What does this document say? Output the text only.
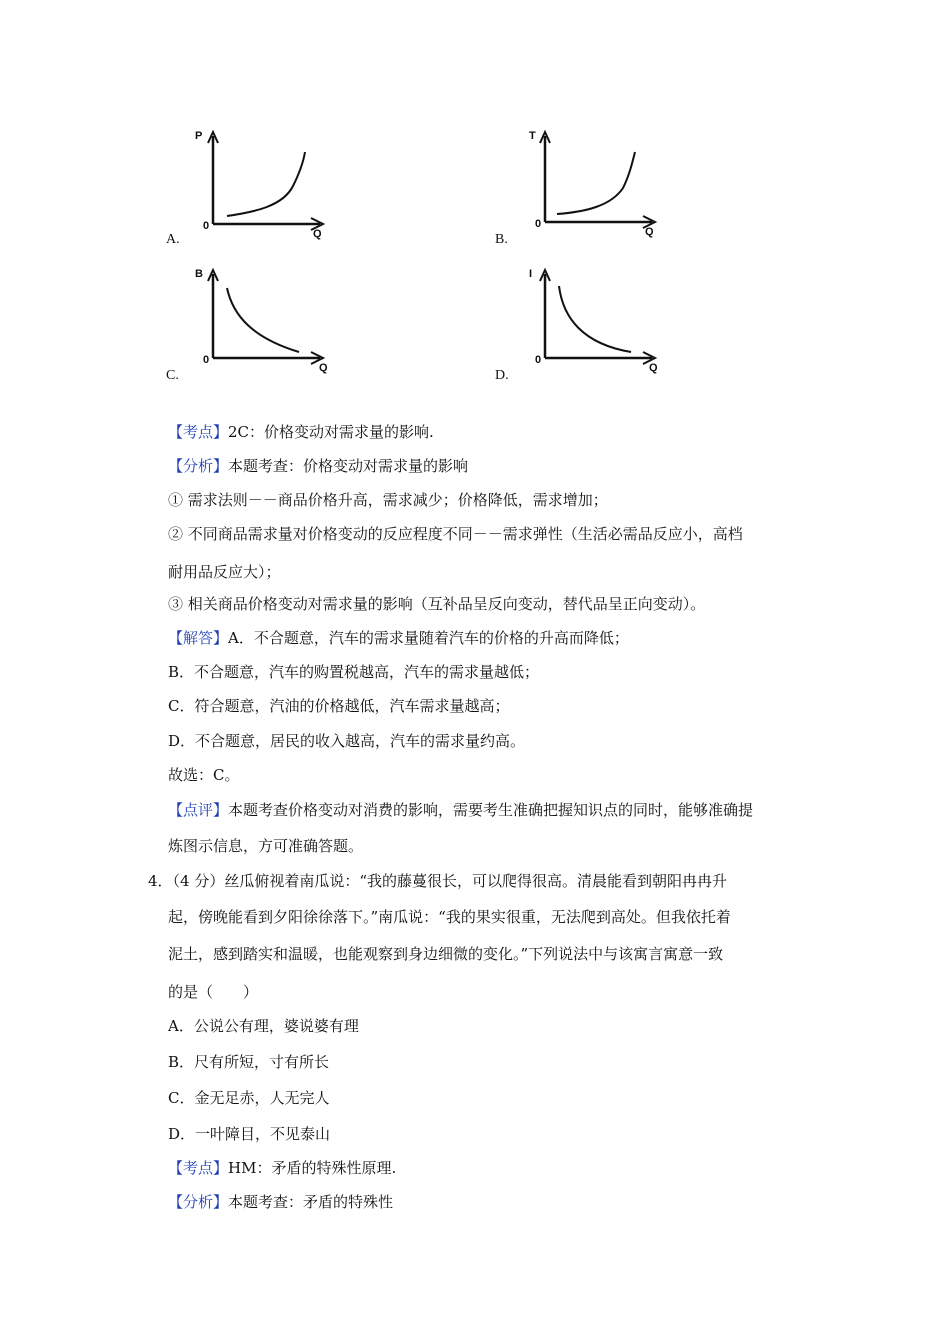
P
0
Q
A.
T
0
Q
B.
B
0
Q
C.
I
0
Q
D.
【考点】2C：价格变动对需求量的影响.
【分析】本题考查：价格变动对需求量的影响
① 需求法则－－商品价格升高，需求减少；价格降低，需求增加；
② 不同商品需求量对价格变动的反应程度不同－－需求弹性（生活必需品反应小，高档
耐用品反应大）；
③ 相关商品价格变动对需求量的影响（互补品呈反向变动，替代品呈正向变动）。
【解答】A．不合题意，汽车的需求量随着汽车的价格的升高而降低；
B．不合题意，汽车的购置税越高，汽车的需求量越低；
C．符合题意，汽油的价格越低，汽车需求量越高；
D．不合题意，居民的收入越高，汽车的需求量约高。
故选：C。
【点评】本题考查价格变动对消费的影响，需要考生准确把握知识点的同时，能够准确提
炼图示信息，方可准确答题。
4．（4 分）丝瓜俯视着南瓜说：“我的藤蔓很长，可以爬得很高。清晨能看到朝阳冉冉升
起，傍晚能看到夕阳徐徐落下。”南瓜说：“我的果实很重，无法爬到高处。但我依托着
泥土，感到踏实和温暖，也能观察到身边细微的变化。”下列说法中与该寓言寓意一致
的是（　　）
A．公说公有理，婆说婆有理
B．尺有所短，寸有所长
C．金无足赤，人无完人
D．一叶障目，不见泰山
【考点】HM：矛盾的特殊性原理.
【分析】本题考查：矛盾的特殊性
